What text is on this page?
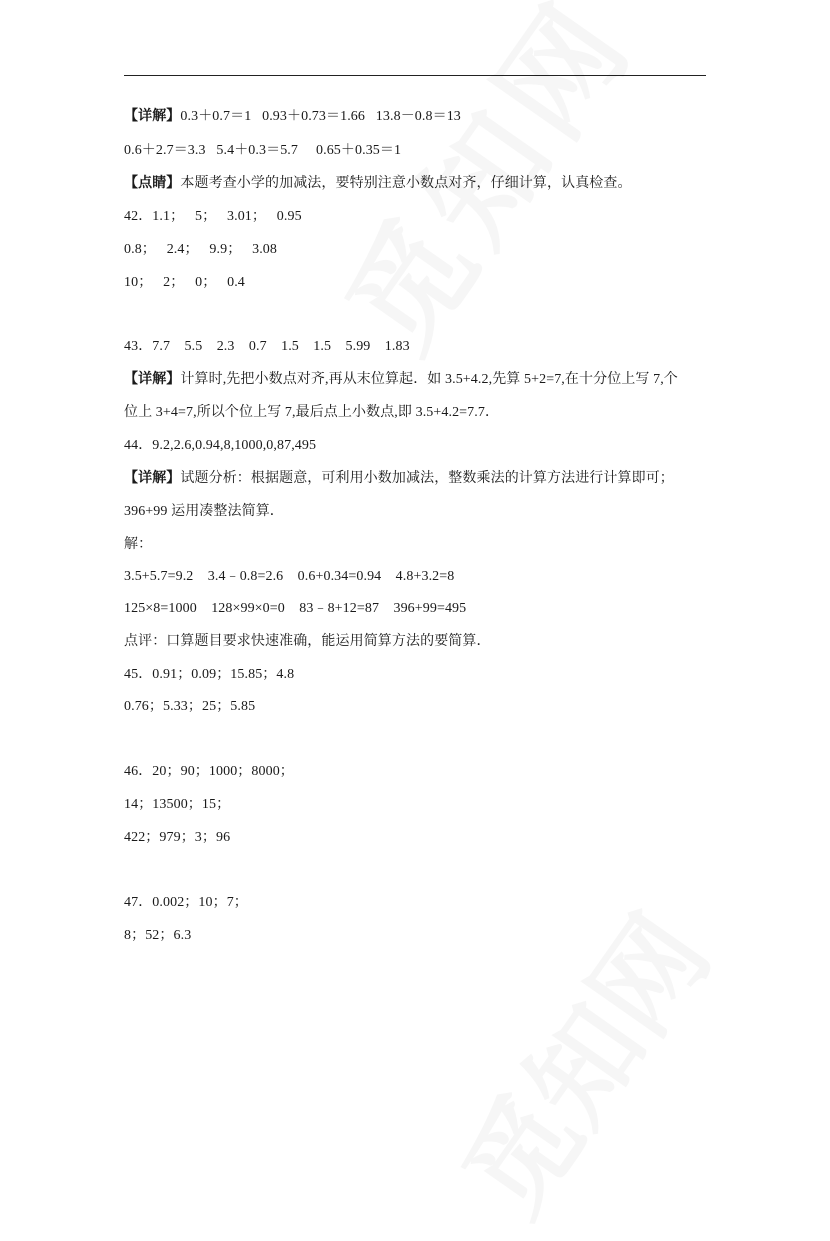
【详解】0.3＋0.7＝1   0.93＋0.73＝1.66   13.8－0.8＝13
0.6＋2.7＝3.3   5.4＋0.3＝5.7     0.65＋0.35＝1
【点睛】本题考查小学的加减法，要特别注意小数点对齐，仔细计算，认真检查。
42．1.1；   5；   3.01；   0.95
0.8；   2.4；   9.9；   3.08
10；   2；   0；   0.4
43．7.7    5.5    2.3    0.7    1.5    1.5    5.99    1.83
【详解】计算时,先把小数点对齐,再从末位算起．如 3.5+4.2,先算 5+2=7,在十分位上写 7,个
位上 3+4=7,所以个位上写 7,最后点上小数点,即 3.5+4.2=7.7．
44．9.2,2.6,0.94,8,1000,0,87,495
【详解】试题分析：根据题意，可利用小数加减法，整数乘法的计算方法进行计算即可；
396+99 运用凑整法简算．
解：
3.5+5.7=9.2    3.4﹣0.8=2.6    0.6+0.34=0.94    4.8+3.2=8
125×8=1000    128×99×0=0    83﹣8+12=87    396+99=495
点评：口算题目要求快速准确，能运用简算方法的要简算．
45．0.91；0.09；15.85；4.8
0.76；5.33；25；5.85
46．20；90；1000；8000；
14；13500；15；
422；979；3；96
47．0.002；10；7；
8；52；6.3
